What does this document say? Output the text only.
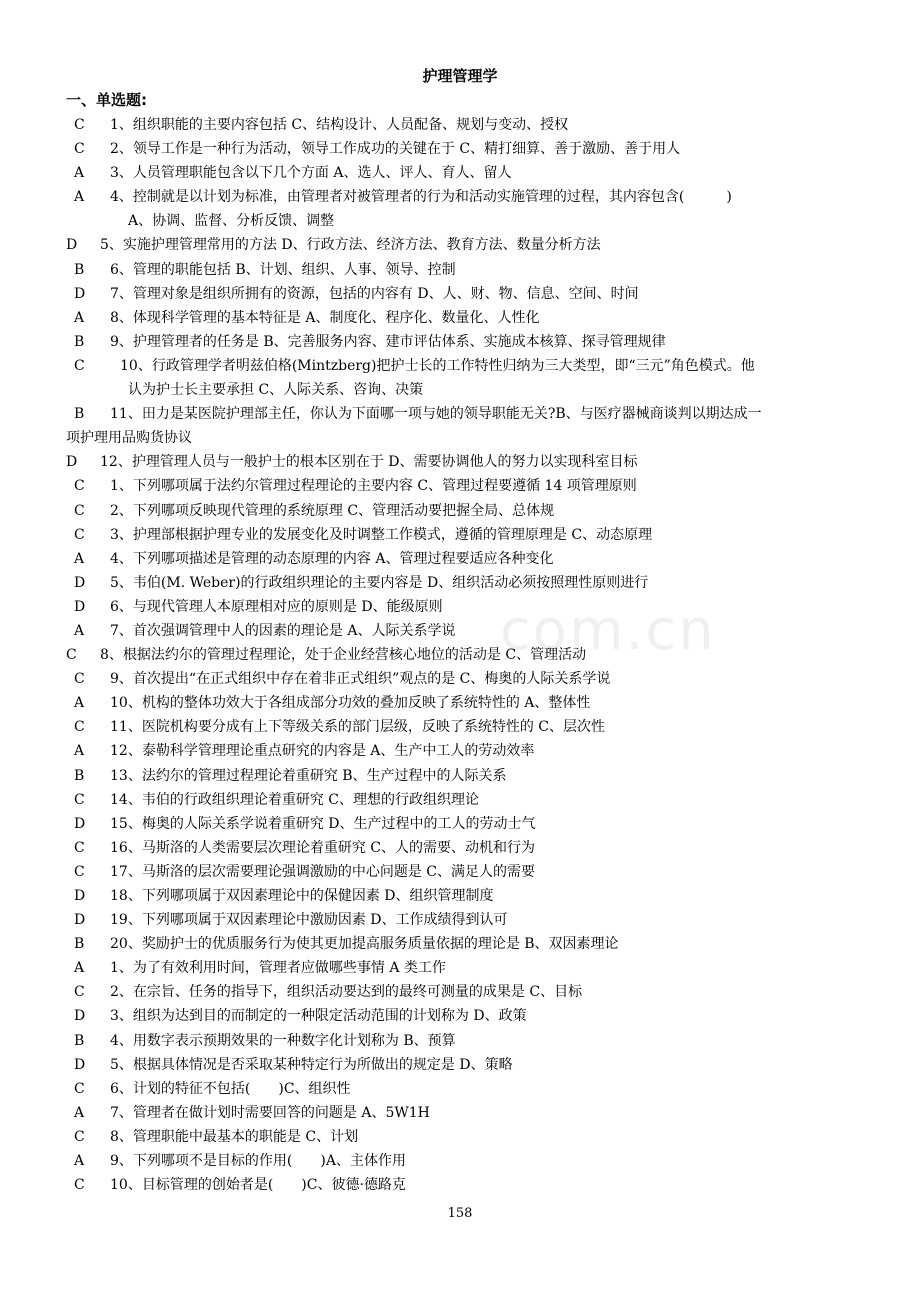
com.cn
护理管理学
一、单选题:
C 1、组织职能的主要内容包括 C、结构设计、人员配备、规划与变动、授权
C 2、领导工作是一种行为活动，领导工作成功的关键在于 C、精打细算、善于激励、善于用人
A 3、人员管理职能包含以下几个方面 A、选人、评人、育人、留人
A 4、控制就是以计划为标准，由管理者对被管理者的行为和活动实施管理的过程，其内容包含(　　　)
A、协调、监督、分析反馈、调整
D 5、实施护理管理常用的方法 D、行政方法、经济方法、教育方法、数量分析方法
B 6、管理的职能包括 B、计划、组织、人事、领导、控制
D 7、管理对象是组织所拥有的资源，包括的内容有 D、人、财、物、信息、空间、时间
A 8、体现科学管理的基本特征是 A、制度化、程序化、数量化、人性化
B 9、护理管理者的任务是 B、完善服务内容、建市评估体系、实施成本核算、探寻管理规律
C	10、行政管理学者明兹伯格(Mintzberg)把护士长的工作特性归纳为三大类型，即“三元”角色模式。他
认为护士长主要承担 C、人际关系、咨询、决策
B 11、田力是某医院护理部主任，你认为下面哪一项与她的领导职能无关?B、与医疗器械商谈判以期达成一
项护理用品购货协议
D 12、护理管理人员与一般护士的根本区别在于 D、需要协调他人的努力以实现科室目标
C 1、下列哪项属于法约尔管理过程理论的主要内容 C、管理过程要遵循 14 项管理原则
C 2、下列哪项反映现代管理的系统原理 C、管理活动要把握全局、总体规
C 3、护理部根据护理专业的发展变化及时调整工作模式，遵循的管理原理是 C、动态原理
A 4、下列哪项描述是管理的动态原理的内容 A、管理过程要适应各种变化
D 5、韦伯(M. Weber)的行政组织理论的主要内容是 D、组织活动必须按照理性原则进行
D 6、与现代管理人本原理相对应的原则是 D、能级原则
A 7、首次强调管理中人的因素的理论是 A、人际关系学说
C 8、根据法约尔的管理过程理论，处于企业经营核心地位的活动是 C、管理活动
C 9、首次提出“在正式组织中存在着非正式组织”观点的是 C、梅奥的人际关系学说
A 10、机构的整体功效大于各组成部分功效的叠加反映了系统特性的 A、整体性
C 11、医院机构要分成有上下等级关系的部门层级，反映了系统特性的 C、层次性
A 12、泰勒科学管理理论重点研究的内容是 A、生产中工人的劳动效率
B 13、法约尔的管理过程理论着重研究 B、生产过程中的人际关系
C 14、韦伯的行政组织理论着重研究 C、理想的行政组织理论
D 15、梅奥的人际关系学说着重研究 D、生产过程中的工人的劳动士气
C 16、马斯洛的人类需要层次理论着重研究 C、人的需要、动机和行为
C 17、马斯洛的层次需要理论强调激励的中心问题是 C、满足人的需要
D 18、下列哪项属于双因素理论中的保健因素 D、组织管理制度
D 19、下列哪项属于双因素理论中激励因素 D、工作成绩得到认可
B 20、奖励护士的优质服务行为使其更加提高服务质量依据的理论是 B、双因素理论
A 1、为了有效利用时间，管理者应做哪些事情 A 类工作
C 2、在宗旨、任务的指导下，组织活动要达到的最终可测量的成果是 C、目标
D 3、组织为达到目的而制定的一种限定活动范围的计划称为 D、政策
B 4、用数字表示预期效果的一种数字化计划称为 B、预算
D 5、根据具体情况是否采取某种特定行为所做出的规定是 D、策略
C 6、计划的特征不包括(　　)C、组织性
A 7、管理者在做计划时需要回答的问题是 A、5W1H
C 8、管理职能中最基本的职能是 C、计划
A 9、下列哪项不是目标的作用(　　)A、主体作用
C 10、目标管理的创始者是(　　)C、彼德·德路克
158
